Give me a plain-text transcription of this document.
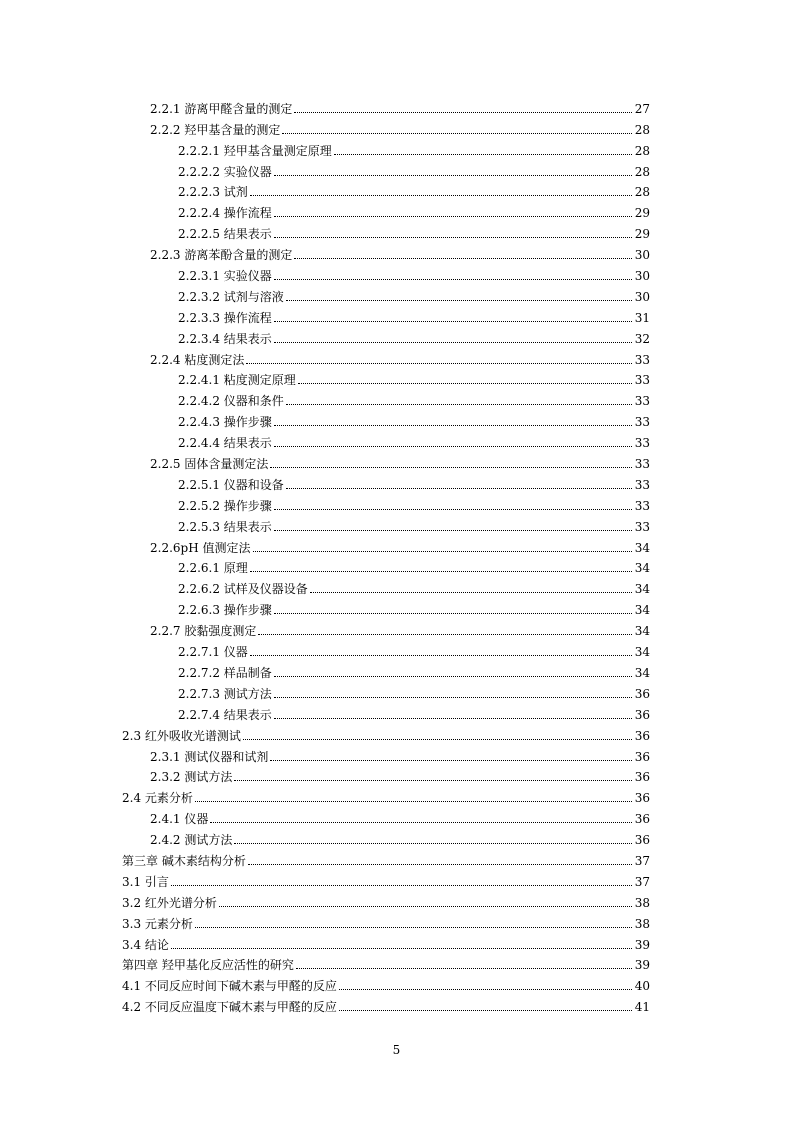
2.2.1 游离甲醛含量的测定	27
2.2.2 羟甲基含量的测定	28
2.2.2.1 羟甲基含量测定原理	28
2.2.2.2 实验仪器	28
2.2.2.3 试剂	28
2.2.2.4 操作流程	29
2.2.2.5 结果表示	29
2.2.3 游离苯酚含量的测定	30
2.2.3.1 实验仪器	30
2.2.3.2 试剂与溶液	30
2.2.3.3 操作流程	31
2.2.3.4 结果表示	32
2.2.4 粘度测定法	33
2.2.4.1 粘度测定原理	33
2.2.4.2 仪器和条件	33
2.2.4.3 操作步骤	33
2.2.4.4 结果表示	33
2.2.5 固体含量测定法	33
2.2.5.1 仪器和设备	33
2.2.5.2 操作步骤	33
2.2.5.3 结果表示	33
2.2.6pH 值测定法	34
2.2.6.1 原理	34
2.2.6.2 试样及仪器设备	34
2.2.6.3 操作步骤	34
2.2.7 胶黏强度测定	34
2.2.7.1 仪器	34
2.2.7.2 样品制备	34
2.2.7.3 测试方法	36
2.2.7.4 结果表示	36
2.3 红外吸收光谱测试	36
2.3.1 测试仪器和试剂	36
2.3.2 测试方法	36
2.4 元素分析	36
2.4.1 仪器	36
2.4.2 测试方法	36
第三章 碱木素结构分析	37
3.1 引言	37
3.2 红外光谱分析	38
3.3 元素分析	38
3.4 结论	39
第四章 羟甲基化反应活性的研究	39
4.1 不同反应时间下碱木素与甲醛的反应	40
4.2 不同反应温度下碱木素与甲醛的反应	41
5
